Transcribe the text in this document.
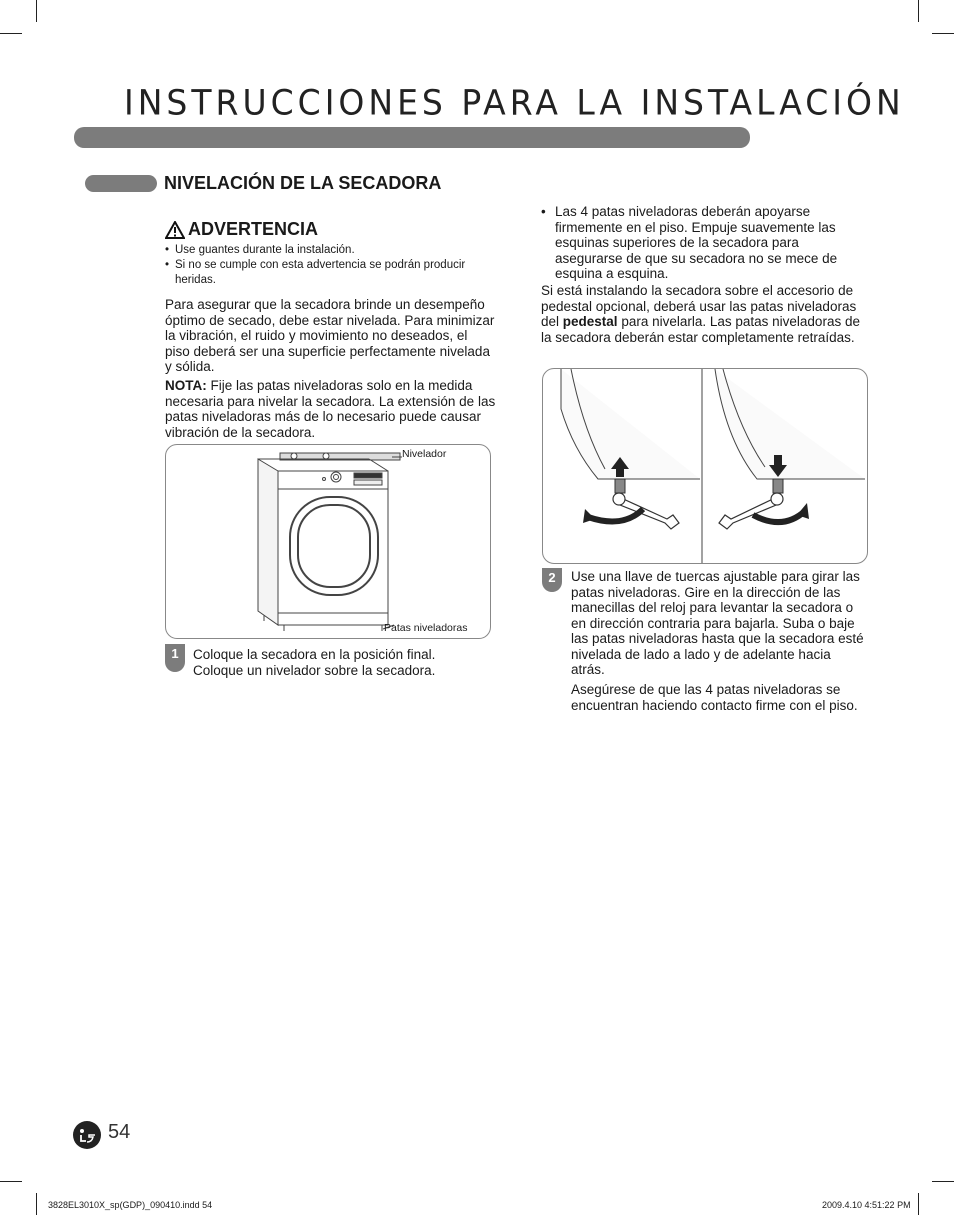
INSTRUCCIONES PARA LA INSTALACIÓN
NIVELACIÓN DE LA SECADORA
ADVERTENCIA
• Use guantes durante la instalación.
• Si no se cumple con esta advertencia se podrán producir heridas.
Para asegurar que la secadora brinde un desempeño óptimo de secado, debe estar nivelada. Para minimizar la vibración, el ruido y movimiento no deseados, el piso deberá ser una superficie perfectamente nivelada y sólida.
NOTA: Fije las patas niveladoras solo en la medida necesaria para nivelar la secadora. La extensión de las patas niveladoras más de lo necesario puede causar vibración de la secadora.
Nivelador
Patas niveladoras
1	Coloque la secadora en la posición final.
Coloque un nivelador sobre la secadora.
• Las 4 patas niveladoras deberán apoyarse firmemente en el piso. Empuje suavemente las esquinas superiores de la secadora para asegurarse de que su secadora no se mece de esquina a esquina.
Si está instalando la secadora sobre el accesorio de pedestal opcional, deberá usar las patas niveladoras del pedestal para nivelarla. Las patas niveladoras de la secadora deberán estar completamente retraídas.
2	Use una llave de tuercas ajustable para girar las patas niveladoras. Gire en la dirección de las manecillas del reloj para levantar la secadora o en dirección contraria para bajarla. Suba o baje las patas niveladoras hasta que la secadora esté nivelada de lado a lado y de adelante hacia atrás.
Asegúrese de que las 4 patas niveladoras se encuentran haciendo contacto firme con el piso.
54
3828EL3010X_sp(GDP)_090410.indd 54	2009.4.10 4:51:22 PM
